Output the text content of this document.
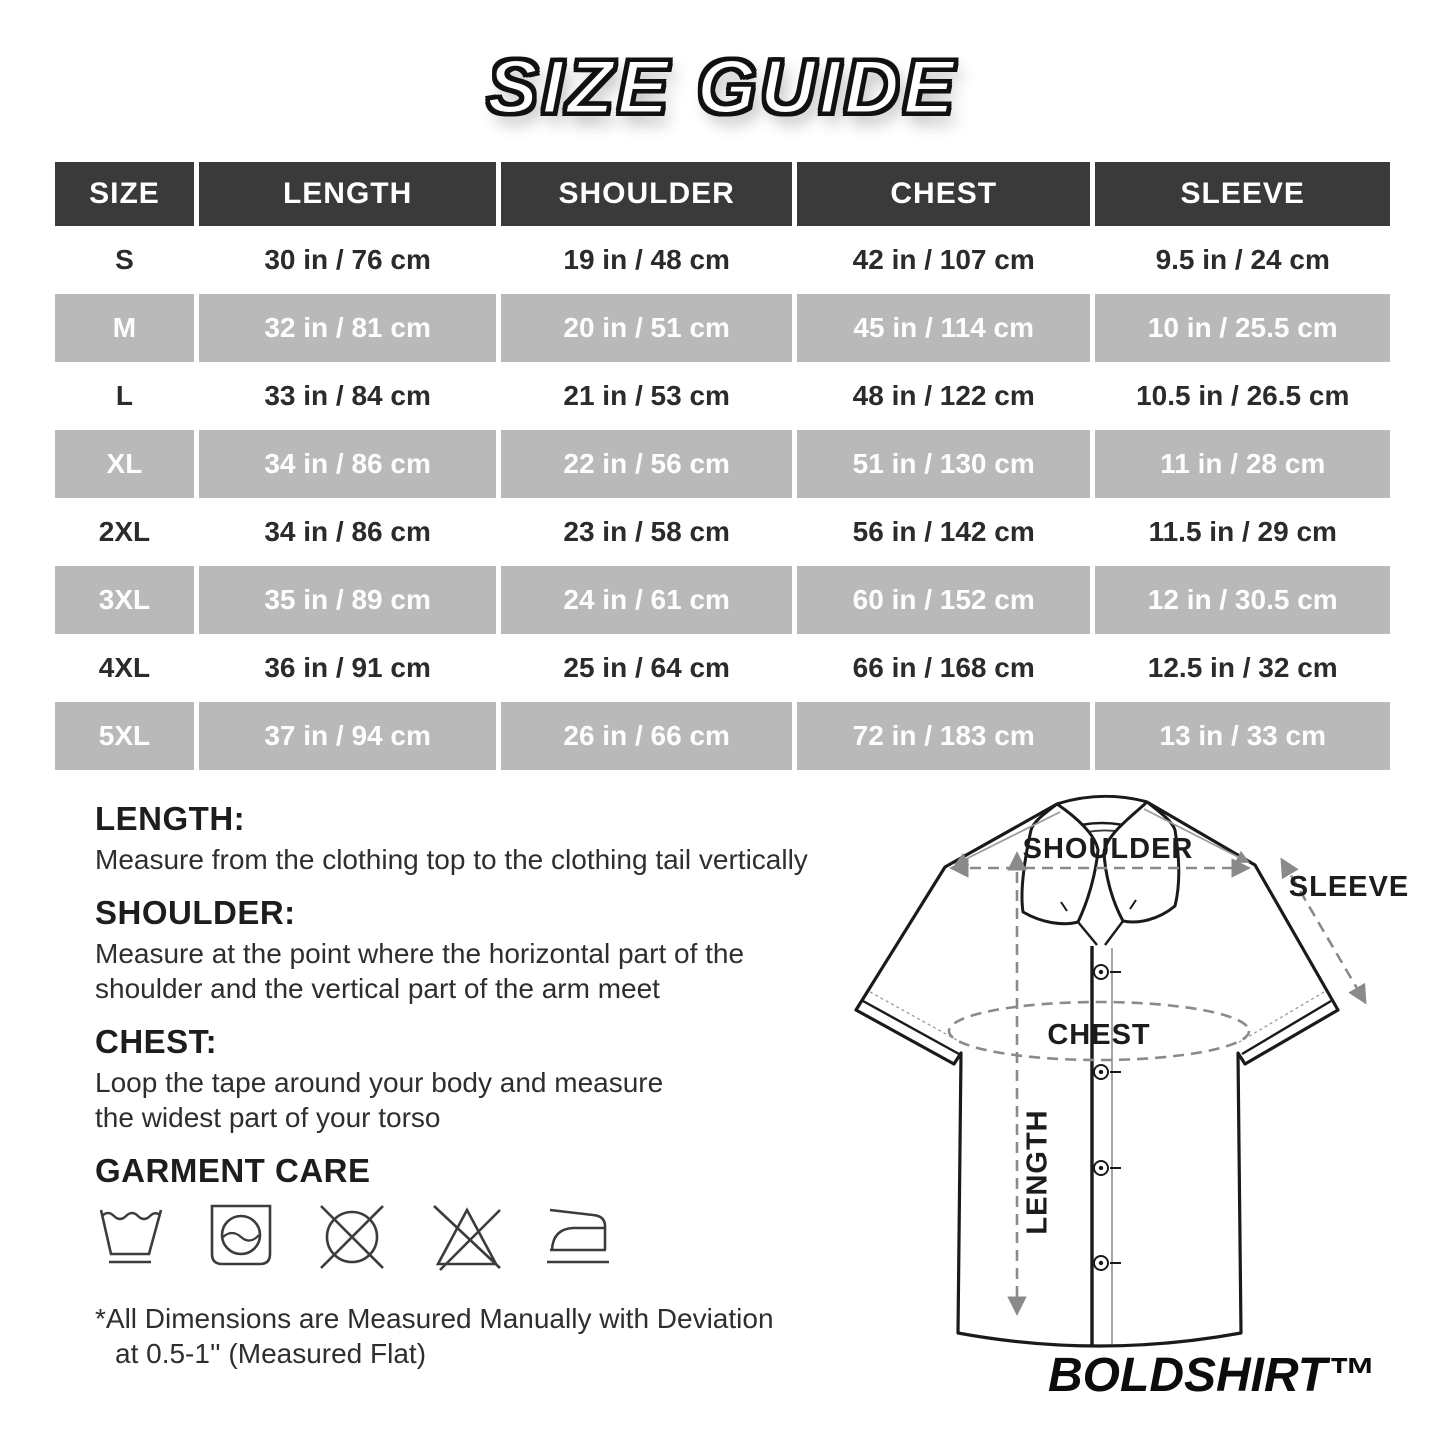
SIZE GUIDE
SIZE	LENGTH	SHOULDER	CHEST	SLEEVE
S	30 in / 76 cm	19 in / 48 cm	42 in / 107 cm	9.5 in / 24 cm
M	32 in / 81 cm	20 in / 51 cm	45 in / 114 cm	10 in / 25.5 cm
L	33 in / 84 cm	21 in / 53 cm	48 in / 122 cm	10.5 in / 26.5 cm
XL	34 in / 86 cm	22 in / 56 cm	51 in / 130 cm	11 in / 28 cm
2XL	34 in / 86 cm	23 in / 58 cm	56 in / 142 cm	11.5 in / 29 cm
3XL	35 in / 89 cm	24 in / 61 cm	60 in / 152 cm	12 in / 30.5 cm
4XL	36 in / 91 cm	25 in / 64 cm	66 in / 168 cm	12.5 in / 32 cm
5XL	37 in / 94 cm	26 in / 66 cm	72 in / 183 cm	13 in / 33 cm
LENGTH:

Measure from the clothing top to the clothing tail vertically

SHOULDER:

Measure at the point where the horizontal part of the

shoulder and the vertical part of the arm meet

CHEST:

Loop the tape around your body and measure

the widest part of your torso

GARMENT CARE

*All Dimensions are Measured Manually with Deviation

at 0.5-1'' (Measured Flat)

SHOULDER
SLEEVE
CHEST
LENGTH

BOLDSHIRT™
